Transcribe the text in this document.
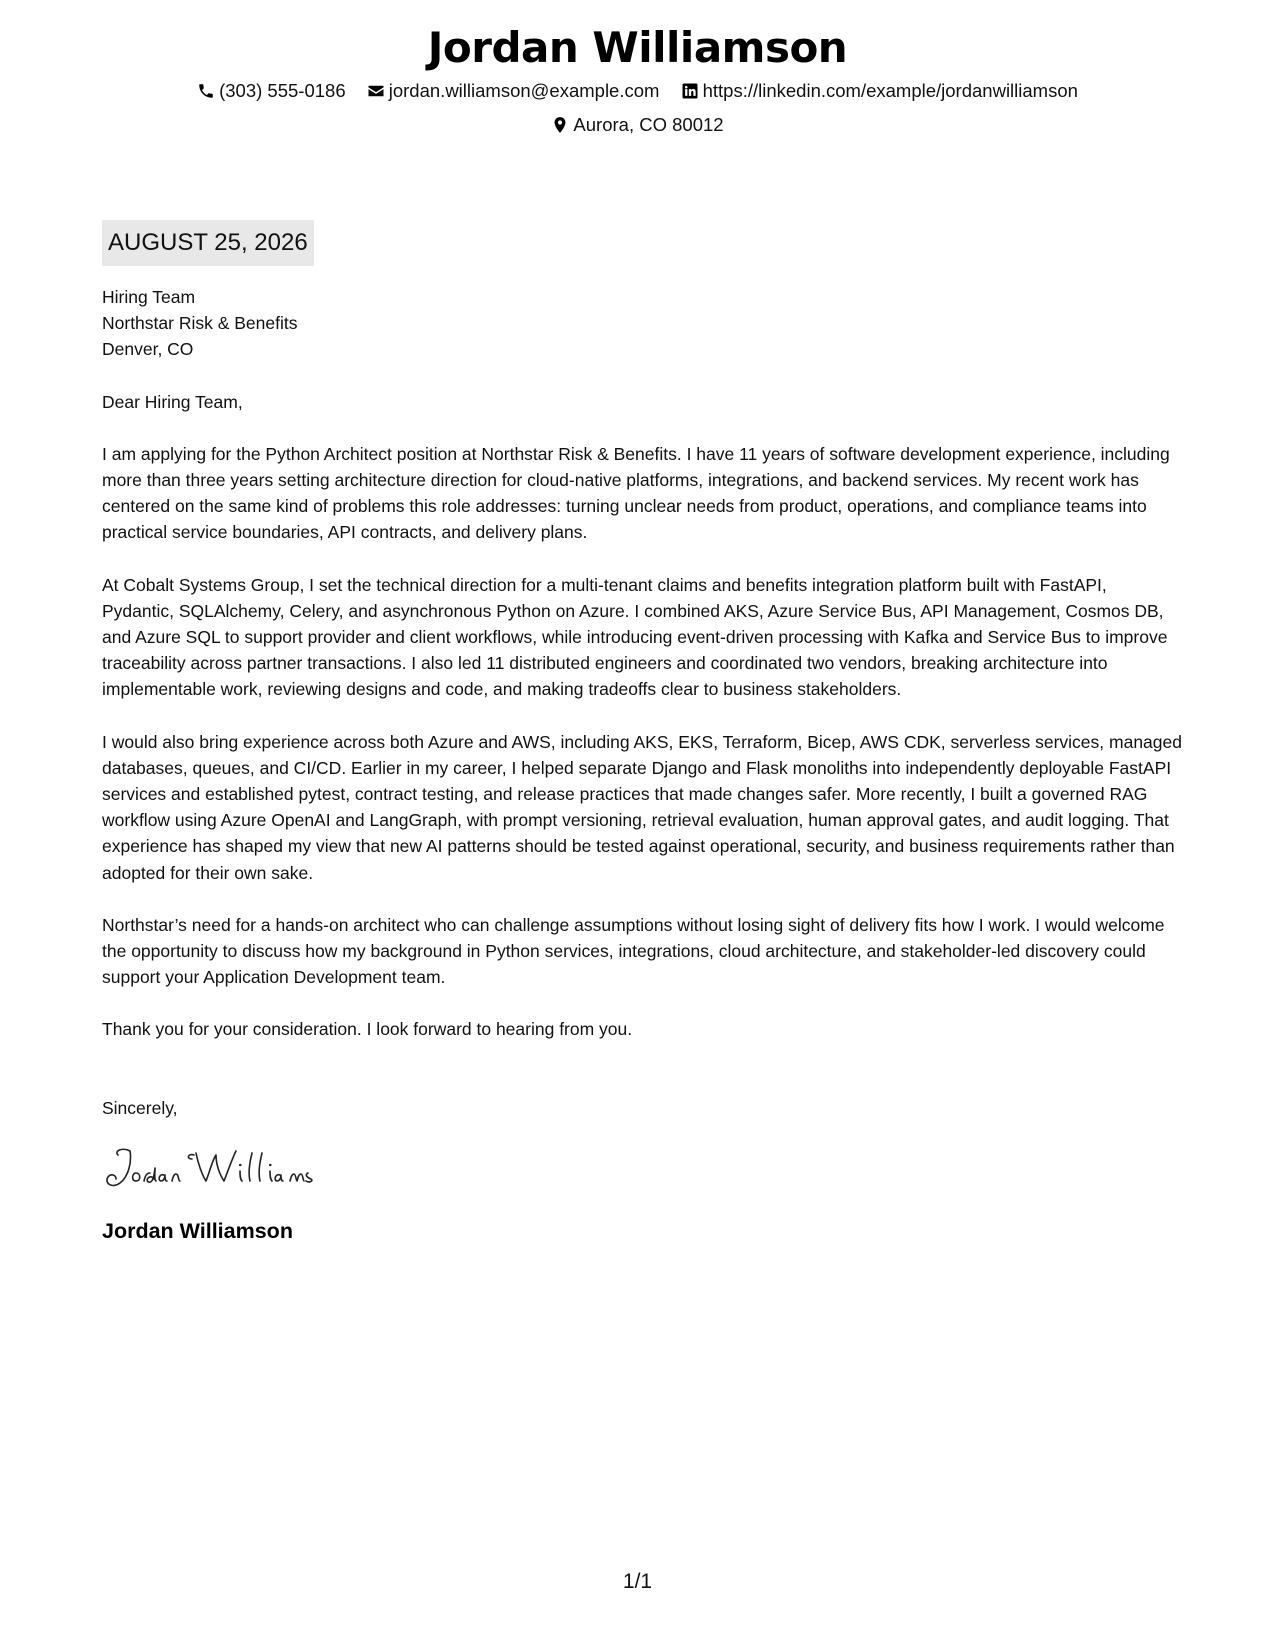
Jordan Williamson
(303) 555-0186
jordan.williamson@example.com
https://linkedin.com/example/jordanwilliamson
Aurora, CO 80012
AUGUST 25, 2026
Hiring Team
Northstar Risk & Benefits
Denver, CO
Dear Hiring Team,

I am applying for the Python Architect position at Northstar Risk & Benefits. I have 11 years of software development experience, including more than three years setting architecture direction for cloud-native platforms, integrations, and backend services. My recent work has centered on the same kind of problems this role addresses: turning unclear needs from product, operations, and compliance teams into practical service boundaries, API contracts, and delivery plans.

At Cobalt Systems Group, I set the technical direction for a multi-tenant claims and benefits integration platform built with FastAPI, Pydantic, SQLAlchemy, Celery, and asynchronous Python on Azure. I combined AKS, Azure Service Bus, API Management, Cosmos DB, and Azure SQL to support provider and client workflows, while introducing event-driven processing with Kafka and Service Bus to improve traceability across partner transactions. I also led 11 distributed engineers and coordinated two vendors, breaking architecture into implementable work, reviewing designs and code, and making tradeoffs clear to business stakeholders.

I would also bring experience across both Azure and AWS, including AKS, EKS, Terraform, Bicep, AWS CDK, serverless services, managed databases, queues, and CI/CD. Earlier in my career, I helped separate Django and Flask monoliths into independently deployable FastAPI services and established pytest, contract testing, and release practices that made changes safer. More recently, I built a governed RAG workflow using Azure OpenAI and LangGraph, with prompt versioning, retrieval evaluation, human approval gates, and audit logging. That experience has shaped my view that new AI patterns should be tested against operational, security, and business requirements rather than adopted for their own sake.

Northstar’s need for a hands-on architect who can challenge assumptions without losing sight of delivery fits how I work. I would welcome the opportunity to discuss how my background in Python services, integrations, cloud architecture, and stakeholder-led discovery could support your Application Development team.

Thank you for your consideration. I look forward to hearing from you.
Sincerely,
Jordan Williamson
1/1
